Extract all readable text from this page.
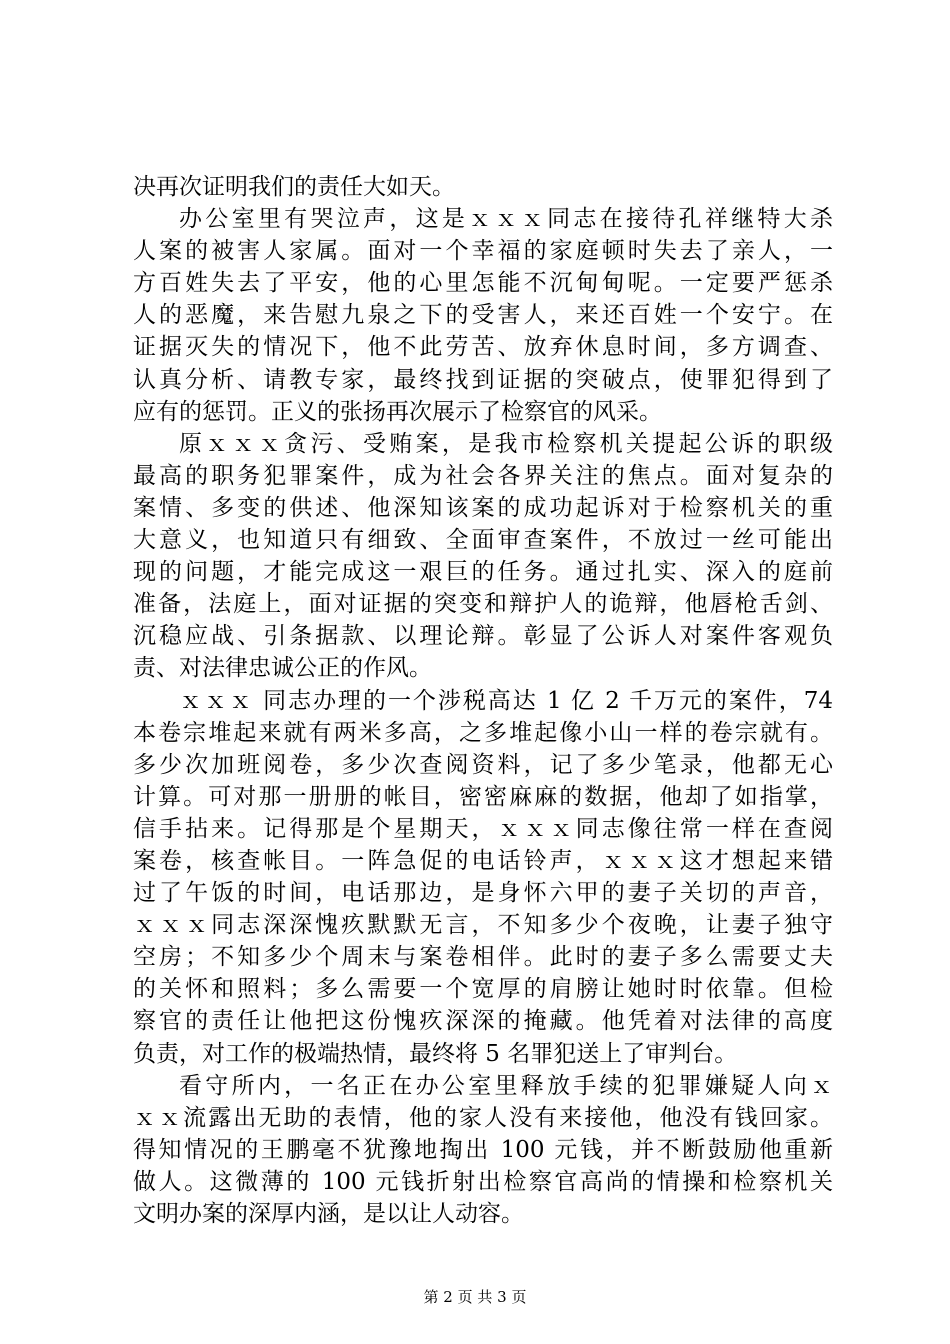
决再次证明我们的责任大如天。
办公室里有哭泣声，这是ｘｘｘ同志在接待孔祥继特大杀
人案的被害人家属。面对一个幸福的家庭顿时失去了亲人，一
方百姓失去了平安，他的心里怎能不沉甸甸呢。一定要严惩杀
人的恶魔，来告慰九泉之下的受害人，来还百姓一个安宁。在
证据灭失的情况下，他不此劳苦、放弃休息时间，多方调查、
认真分析、请教专家，最终找到证据的突破点，使罪犯得到了
应有的惩罚。正义的张扬再次展示了检察官的风采。
原ｘｘｘ贪污、受贿案，是我市检察机关提起公诉的职级
最高的职务犯罪案件，成为社会各界关注的焦点。面对复杂的
案情、多变的供述、他深知该案的成功起诉对于检察机关的重
大意义，也知道只有细致、全面审查案件，不放过一丝可能出
现的问题，才能完成这一艰巨的任务。通过扎实、深入的庭前
准备，法庭上，面对证据的突变和辩护人的诡辩，他唇枪舌剑、
沉稳应战、引条据款、以理论辩。彰显了公诉人对案件客观负
责、对法律忠诚公正的作风。
ｘｘｘ 同志办理的一个涉税高达 1 亿 2 千万元的案件，74
本卷宗堆起来就有两米多高，之多堆起像小山一样的卷宗就有。
多少次加班阅卷，多少次查阅资料，记了多少笔录，他都无心
计算。可对那一册册的帐目，密密麻麻的数据，他却了如指掌，
信手拈来。记得那是个星期天，ｘｘｘ同志像往常一样在查阅
案卷，核查帐目。一阵急促的电话铃声，ｘｘｘ这才想起来错
过了午饭的时间，电话那边，是身怀六甲的妻子关切的声音，
ｘｘｘ同志深深愧疚默默无言，不知多少个夜晚，让妻子独守
空房；不知多少个周末与案卷相伴。此时的妻子多么需要丈夫
的关怀和照料；多么需要一个宽厚的肩膀让她时时依靠。但检
察官的责任让他把这份愧疚深深的掩藏。他凭着对法律的高度
负责，对工作的极端热情，最终将 5 名罪犯送上了审判台。
看守所内，一名正在办公室里释放手续的犯罪嫌疑人向ｘ
ｘｘ流露出无助的表情，他的家人没有来接他，他没有钱回家。
得知情况的王鹏毫不犹豫地掏出 100 元钱，并不断鼓励他重新
做人。这微薄的 100 元钱折射出检察官高尚的情操和检察机关
文明办案的深厚内涵，是以让人动容。
第 2 页 共 3 页
